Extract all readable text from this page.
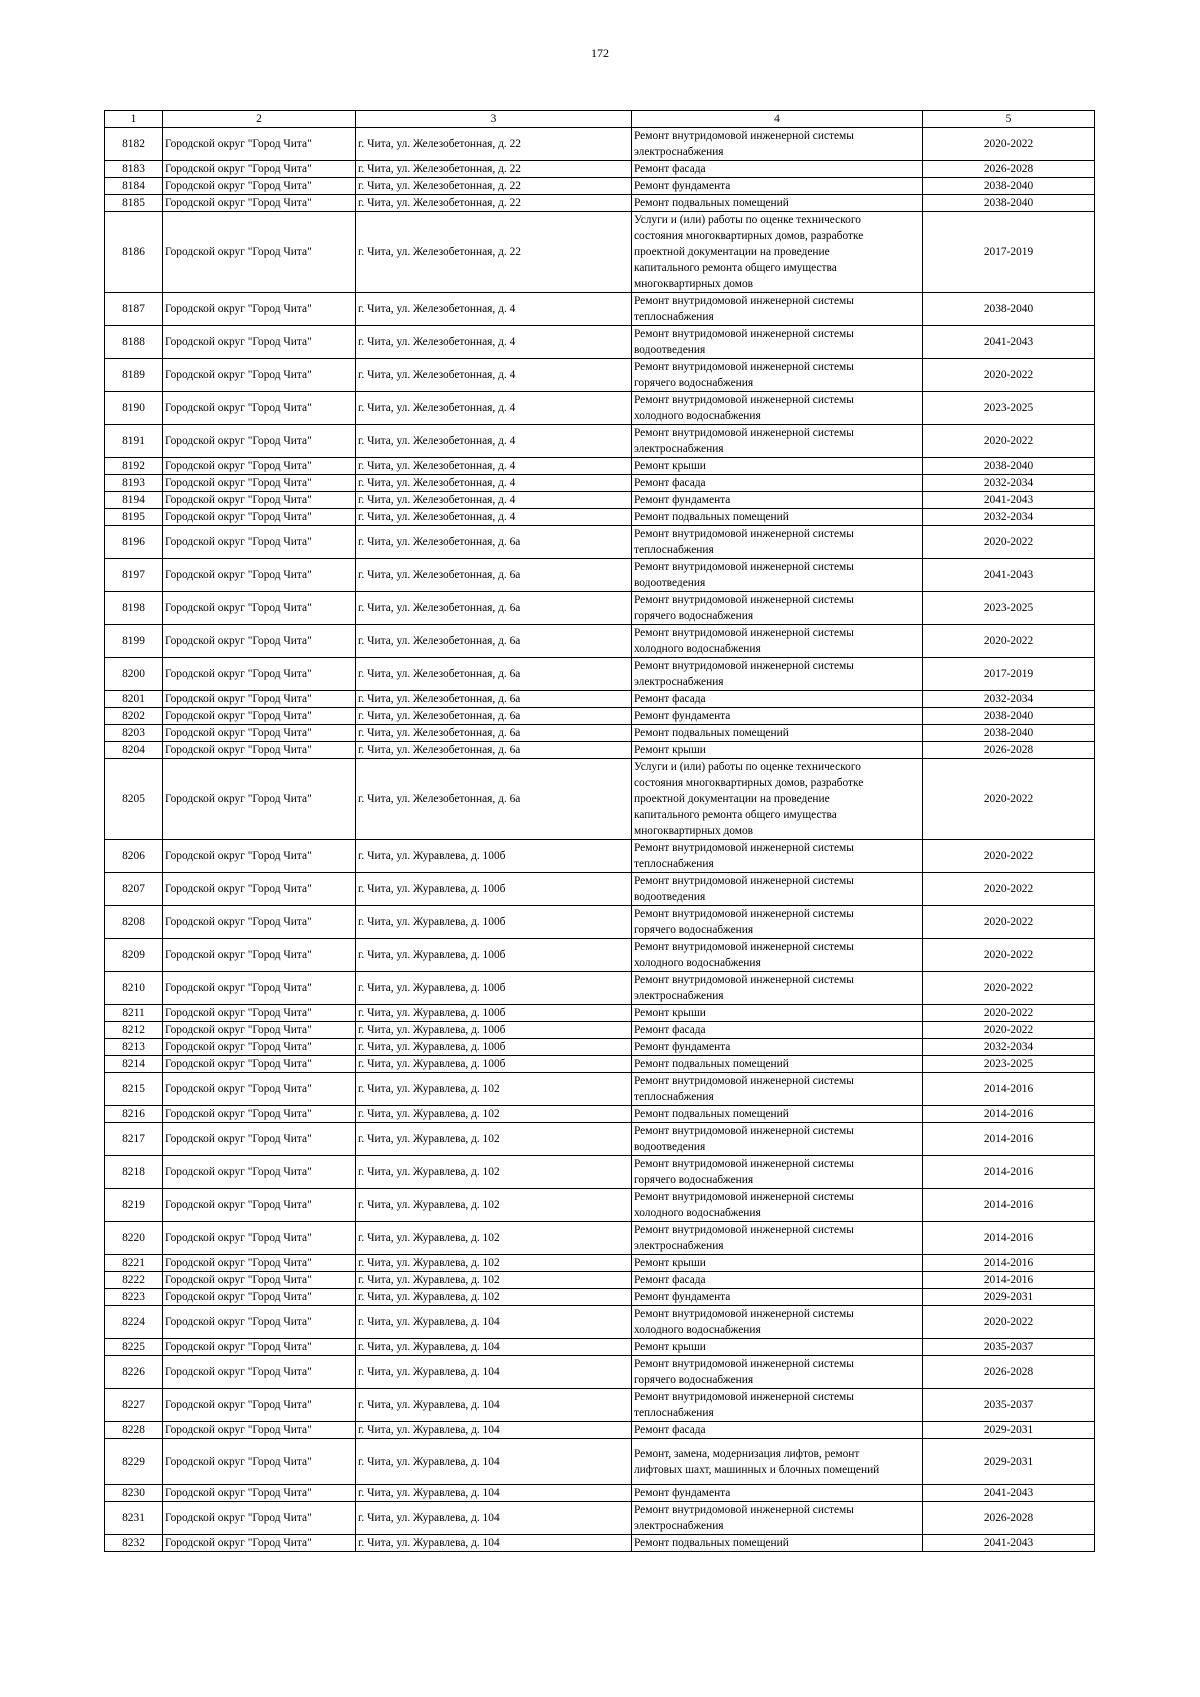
172
1	2	3	4	5
8182	Городской округ "Город Чита"	г. Чита, ул. Железобетонная, д. 22	Ремонт внутридомовой инженерной системы
электроснабжения	2020-2022
8183	Городской округ "Город Чита"	г. Чита, ул. Железобетонная, д. 22	Ремонт фасада	2026-2028
8184	Городской округ "Город Чита"	г. Чита, ул. Железобетонная, д. 22	Ремонт фундамента	2038-2040
8185	Городской округ "Город Чита"	г. Чита, ул. Железобетонная, д. 22	Ремонт подвальных помещений	2038-2040
8186	Городской округ "Город Чита"	г. Чита, ул. Железобетонная, д. 22	Услуги и (или) работы по оценке технического
состояния многоквартирных домов, разработке
проектной документации на проведение
капитального ремонта общего имущества
многоквартирных домов	2017-2019
8187	Городской округ "Город Чита"	г. Чита, ул. Железобетонная, д. 4	Ремонт внутридомовой инженерной системы
теплоснабжения	2038-2040
8188	Городской округ "Город Чита"	г. Чита, ул. Железобетонная, д. 4	Ремонт внутридомовой инженерной системы
водоотведения	2041-2043
8189	Городской округ "Город Чита"	г. Чита, ул. Железобетонная, д. 4	Ремонт внутридомовой инженерной системы
горячего водоснабжения	2020-2022
8190	Городской округ "Город Чита"	г. Чита, ул. Железобетонная, д. 4	Ремонт внутридомовой инженерной системы
холодного водоснабжения	2023-2025
8191	Городской округ "Город Чита"	г. Чита, ул. Железобетонная, д. 4	Ремонт внутридомовой инженерной системы
электроснабжения	2020-2022
8192	Городской округ "Город Чита"	г. Чита, ул. Железобетонная, д. 4	Ремонт крыши	2038-2040
8193	Городской округ "Город Чита"	г. Чита, ул. Железобетонная, д. 4	Ремонт фасада	2032-2034
8194	Городской округ "Город Чита"	г. Чита, ул. Железобетонная, д. 4	Ремонт фундамента	2041-2043
8195	Городской округ "Город Чита"	г. Чита, ул. Железобетонная, д. 4	Ремонт подвальных помещений	2032-2034
8196	Городской округ "Город Чита"	г. Чита, ул. Железобетонная, д. 6а	Ремонт внутридомовой инженерной системы
теплоснабжения	2020-2022
8197	Городской округ "Город Чита"	г. Чита, ул. Железобетонная, д. 6а	Ремонт внутридомовой инженерной системы
водоотведения	2041-2043
8198	Городской округ "Город Чита"	г. Чита, ул. Железобетонная, д. 6а	Ремонт внутридомовой инженерной системы
горячего водоснабжения	2023-2025
8199	Городской округ "Город Чита"	г. Чита, ул. Железобетонная, д. 6а	Ремонт внутридомовой инженерной системы
холодного водоснабжения	2020-2022
8200	Городской округ "Город Чита"	г. Чита, ул. Железобетонная, д. 6а	Ремонт внутридомовой инженерной системы
электроснабжения	2017-2019
8201	Городской округ "Город Чита"	г. Чита, ул. Железобетонная, д. 6а	Ремонт фасада	2032-2034
8202	Городской округ "Город Чита"	г. Чита, ул. Железобетонная, д. 6а	Ремонт фундамента	2038-2040
8203	Городской округ "Город Чита"	г. Чита, ул. Железобетонная, д. 6а	Ремонт подвальных помещений	2038-2040
8204	Городской округ "Город Чита"	г. Чита, ул. Железобетонная, д. 6а	Ремонт крыши	2026-2028
8205	Городской округ "Город Чита"	г. Чита, ул. Железобетонная, д. 6а	Услуги и (или) работы по оценке технического
состояния многоквартирных домов, разработке
проектной документации на проведение
капитального ремонта общего имущества
многоквартирных домов	2020-2022
8206	Городской округ "Город Чита"	г. Чита, ул. Журавлева, д. 100б	Ремонт внутридомовой инженерной системы
теплоснабжения	2020-2022
8207	Городской округ "Город Чита"	г. Чита, ул. Журавлева, д. 100б	Ремонт внутридомовой инженерной системы
водоотведения	2020-2022
8208	Городской округ "Город Чита"	г. Чита, ул. Журавлева, д. 100б	Ремонт внутридомовой инженерной системы
горячего водоснабжения	2020-2022
8209	Городской округ "Город Чита"	г. Чита, ул. Журавлева, д. 100б	Ремонт внутридомовой инженерной системы
холодного водоснабжения	2020-2022
8210	Городской округ "Город Чита"	г. Чита, ул. Журавлева, д. 100б	Ремонт внутридомовой инженерной системы
электроснабжения	2020-2022
8211	Городской округ "Город Чита"	г. Чита, ул. Журавлева, д. 100б	Ремонт крыши	2020-2022
8212	Городской округ "Город Чита"	г. Чита, ул. Журавлева, д. 100б	Ремонт фасада	2020-2022
8213	Городской округ "Город Чита"	г. Чита, ул. Журавлева, д. 100б	Ремонт фундамента	2032-2034
8214	Городской округ "Город Чита"	г. Чита, ул. Журавлева, д. 100б	Ремонт подвальных помещений	2023-2025
8215	Городской округ "Город Чита"	г. Чита, ул. Журавлева, д. 102	Ремонт внутридомовой инженерной системы
теплоснабжения	2014-2016
8216	Городской округ "Город Чита"	г. Чита, ул. Журавлева, д. 102	Ремонт подвальных помещений	2014-2016
8217	Городской округ "Город Чита"	г. Чита, ул. Журавлева, д. 102	Ремонт внутридомовой инженерной системы
водоотведения	2014-2016
8218	Городской округ "Город Чита"	г. Чита, ул. Журавлева, д. 102	Ремонт внутридомовой инженерной системы
горячего водоснабжения	2014-2016
8219	Городской округ "Город Чита"	г. Чита, ул. Журавлева, д. 102	Ремонт внутридомовой инженерной системы
холодного водоснабжения	2014-2016
8220	Городской округ "Город Чита"	г. Чита, ул. Журавлева, д. 102	Ремонт внутридомовой инженерной системы
электроснабжения	2014-2016
8221	Городской округ "Город Чита"	г. Чита, ул. Журавлева, д. 102	Ремонт крыши	2014-2016
8222	Городской округ "Город Чита"	г. Чита, ул. Журавлева, д. 102	Ремонт фасада	2014-2016
8223	Городской округ "Город Чита"	г. Чита, ул. Журавлева, д. 102	Ремонт фундамента	2029-2031
8224	Городской округ "Город Чита"	г. Чита, ул. Журавлева, д. 104	Ремонт внутридомовой инженерной системы
холодного водоснабжения	2020-2022
8225	Городской округ "Город Чита"	г. Чита, ул. Журавлева, д. 104	Ремонт крыши	2035-2037
8226	Городской округ "Город Чита"	г. Чита, ул. Журавлева, д. 104	Ремонт внутридомовой инженерной системы
горячего водоснабжения	2026-2028
8227	Городской округ "Город Чита"	г. Чита, ул. Журавлева, д. 104	Ремонт внутридомовой инженерной системы
теплоснабжения	2035-2037
8228	Городской округ "Город Чита"	г. Чита, ул. Журавлева, д. 104	Ремонт фасада	2029-2031
8229	Городской округ "Город Чита"	г. Чита, ул. Журавлева, д. 104	Ремонт, замена, модернизация лифтов, ремонт
лифтовых шахт, машинных и блочных помещений	2029-2031
8230	Городской округ "Город Чита"	г. Чита, ул. Журавлева, д. 104	Ремонт фундамента	2041-2043
8231	Городской округ "Город Чита"	г. Чита, ул. Журавлева, д. 104	Ремонт внутридомовой инженерной системы
электроснабжения	2026-2028
8232	Городской округ "Город Чита"	г. Чита, ул. Журавлева, д. 104	Ремонт подвальных помещений	2041-2043
